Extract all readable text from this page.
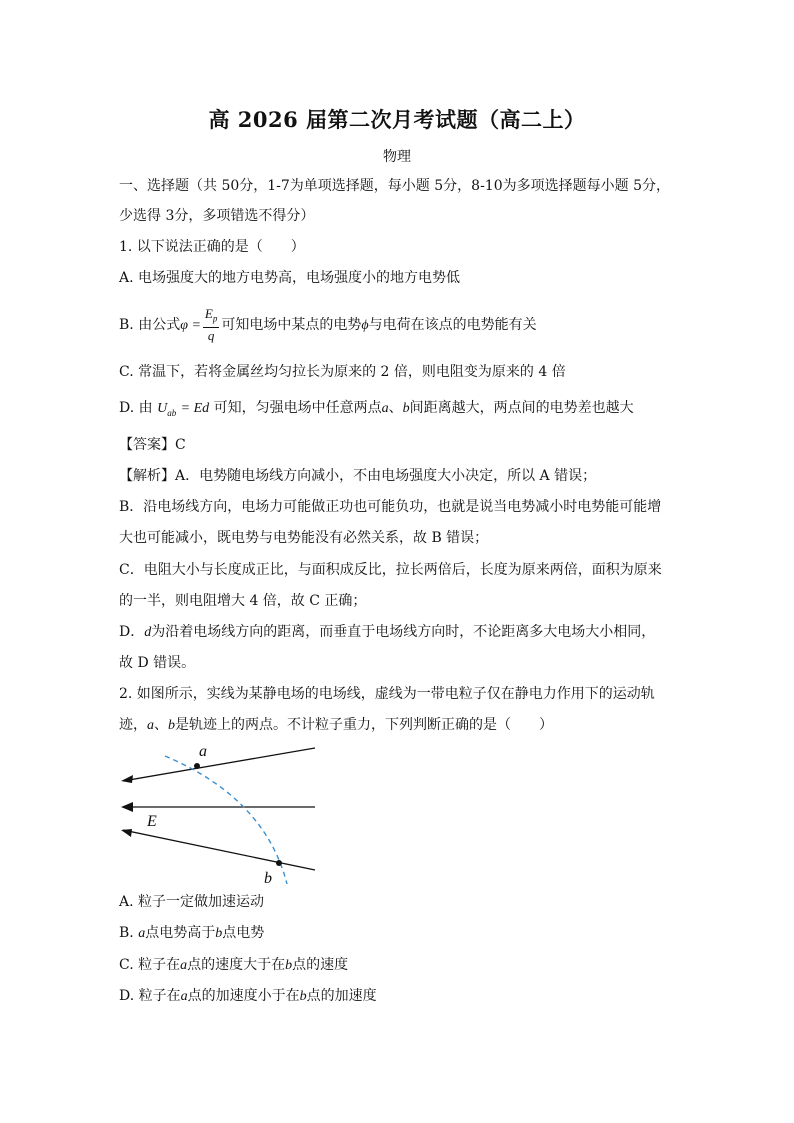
高 2026 届第二次月考试题（高二上）
物理
一、选择题（共 50分，1-7为单项选择题，每小题 5分，8-10为多项选择题每小题 5分，
少选得 3分，多项错选不得分）
1. 以下说法正确的是（　　）
A. 电场强度大的地方电势高，电场强度小的地方电势低
B. 由公式$\varphi = \frac{E_p}{q}$ 可知电场中某点的电势ϕ与电荷在该点的电势能有关
C. 常温下，若将金属丝均匀拉长为原来的 2 倍，则电阻变为原来的 4 倍
D. 由 $U_{ab} = Ed$ 可知，匀强电场中任意两点a、b间距离越大，两点间的电势差也越大
【答案】C
【解析】A．电势随电场线方向减小，不由电场强度大小决定，所以 A 错误；
B．沿电场线方向，电场力可能做正功也可能负功，也就是说当电势减小时电势能可能增
大也可能减小，既电势与电势能没有必然关系，故 B 错误；
C．电阻大小与长度成正比，与面积成反比，拉长两倍后，长度为原来两倍，面积为原来
的一半，则电阻增大 4 倍，故 C 正确；
D．d为沿着电场线方向的距离，而垂直于电场线方向时，不论距离多大电场大小相同，
故 D 错误。
2. 如图所示，实线为某静电场的电场线，虚线为一带电粒子仅在静电力作用下的运动轨
迹，a、b是轨迹上的两点。不计粒子重力，下列判断正确的是（　　）
a
E
b
A. 粒子一定做加速运动
B. a点电势高于b点电势
C. 粒子在a点的速度大于在b点的速度
D. 粒子在a点的加速度小于在b点的加速度
